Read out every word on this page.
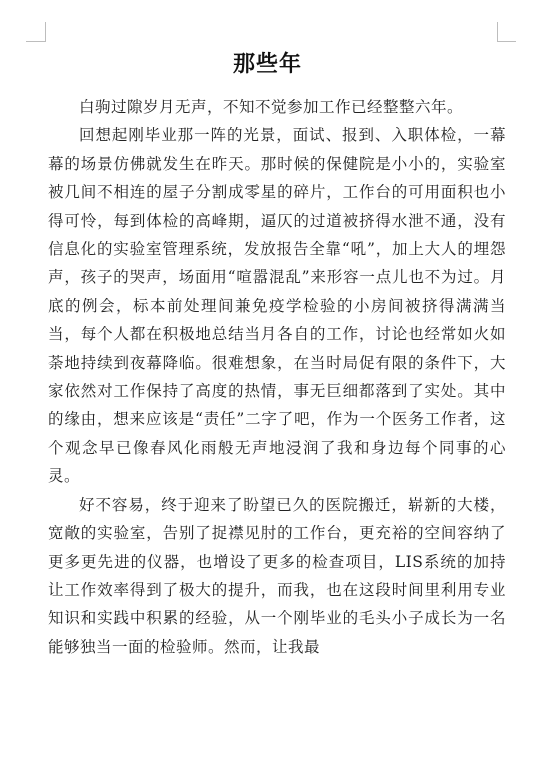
那些年

白驹过隙岁月无声，不知不觉参加工作已经整整六年。

回想起刚毕业那一阵的光景，面试、报到、入职体检，一幕幕的场景仿佛就发生在昨天。那时候的保健院是小小的，实验室被几间不相连的屋子分割成零星的碎片，工作台的可用面积也小得可怜，每到体检的高峰期，逼仄的过道被挤得水泄不通，没有信息化的实验室管理系统，发放报告全靠“吼”，加上大人的埋怨声，孩子的哭声，场面用“喧嚣混乱”来形容一点儿也不为过。月底的例会，标本前处理间兼免疫学检验的小房间被挤得满满当当，每个人都在积极地总结当月各自的工作，讨论也经常如火如荼地持续到夜幕降临。很难想象，在当时局促有限的条件下，大家依然对工作保持了高度的热情，事无巨细都落到了实处。其中的缘由，想来应该是“责任”二字了吧，作为一个医务工作者，这个观念早已像春风化雨般无声地浸润了我和身边每个同事的心灵。

好不容易，终于迎来了盼望已久的医院搬迁，崭新的大楼，宽敞的实验室，告别了捉襟见肘的工作台，更充裕的空间容纳了更多更先进的仪器，也增设了更多的检查项目，LIS系统的加持让工作效率得到了极大的提升，而我，也在这段时间里利用专业知识和实践中积累的经验，从一个刚毕业的毛头小子成长为一名能够独当一面的检验师。然而，让我最
